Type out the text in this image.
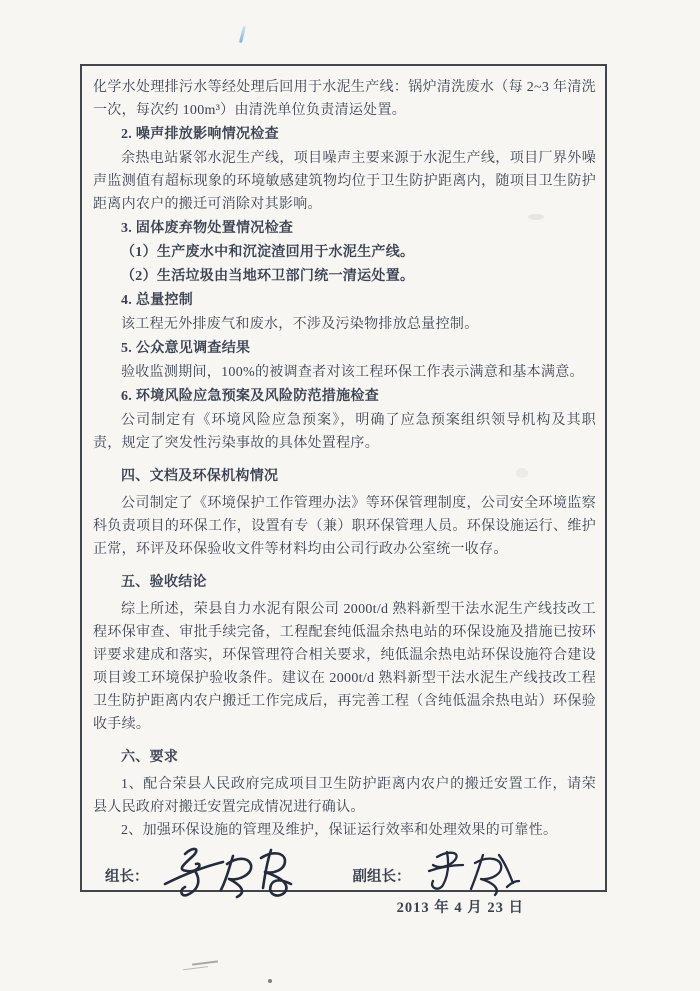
化学水处理排污水等经处理后回用于水泥生产线：锅炉清洗废水（每 2~3 年清洗一次，每次约 100m³）由清洗单位负责清运处置。

2. 噪声排放影响情况检查

余热电站紧邻水泥生产线，项目噪声主要来源于水泥生产线，项目厂界外噪声监测值有超标现象的环境敏感建筑物均位于卫生防护距离内，随项目卫生防护距离内农户的搬迁可消除对其影响。

3. 固体废弃物处置情况检查

（1）生产废水中和沉淀渣回用于水泥生产线。

（2）生活垃圾由当地环卫部门统一清运处置。

4. 总量控制

该工程无外排废气和废水，不涉及污染物排放总量控制。

5. 公众意见调查结果

验收监测期间，100%的被调查者对该工程环保工作表示满意和基本满意。

6. 环境风险应急预案及风险防范措施检查

公司制定有《环境风险应急预案》，明确了应急预案组织领导机构及其职责，规定了突发性污染事故的具体处置程序。

四、文档及环保机构情况

公司制定了《环境保护工作管理办法》等环保管理制度，公司安全环境监察科负责项目的环保工作，设置有专（兼）职环保管理人员。环保设施运行、维护正常，环评及环保验收文件等材料均由公司行政办公室统一收存。

五、验收结论

综上所述，荣县自力水泥有限公司 2000t/d 熟料新型干法水泥生产线技改工程环保审查、审批手续完备，工程配套纯低温余热电站的环保设施及措施已按环评要求建成和落实，环保管理符合相关要求，纯低温余热电站环保设施符合建设项目竣工环境保护验收条件。建议在 2000t/d 熟料新型干法水泥生产线技改工程卫生防护距离内农户搬迁工作完成后，再完善工程（含纯低温余热电站）环保验收手续。

六、要求

1、配合荣县人民政府完成项目卫生防护距离内农户的搬迁安置工作，请荣县人民政府对搬迁安置完成情况进行确认。

2、加强环保设施的管理及维护，保证运行效率和处理效果的可靠性。

组长：	副组长：
2013 年 4 月 23 日
